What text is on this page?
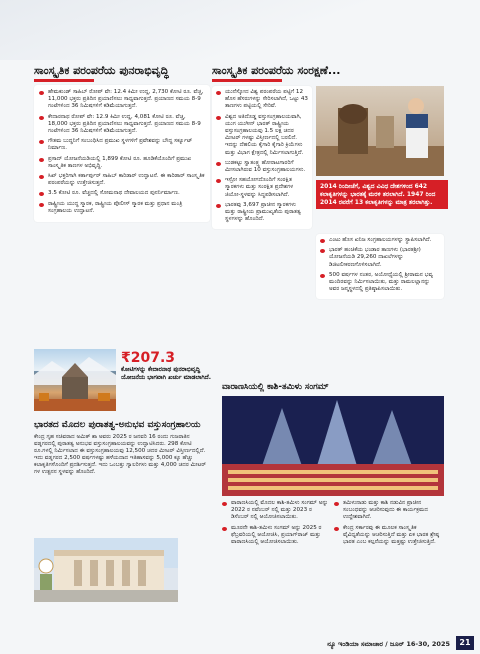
ಸಾಂಸ್ಕೃತಿಕ ಪರಂಪರೆಯ ಪುನರಾಭಿವೃದ್ಧಿ
ಹೇಮಕುಂಡ್ ಸಾಹಿಬ್ ರೋಪ್ ವೇ: 12.4 ಕಿಮೀ ಉದ್ದ, 2,730 ಕೋಟಿ ರೂ. ವೆಚ್ಚ, 11,000 ಭಕ್ತರು ಪ್ರತಿದಿನ ಪ್ರಯಾಣಿಸಲು ಸಾಧ್ಯವಾಗುತ್ತದೆ. ಪ್ರಯಾಣದ ಸಮಯ 8-9 ಗಂಟೆಗಳಿಂದ 36 ನಿಮಿಷಗಳಿಗೆ ಕಡಿಮೆಯಾಗುತ್ತದೆ.
ಕೇದಾರನಾಥ ರೋಪ್ ವೇ: 12.9 ಕಿಮೀ ಉದ್ದ, 4,081 ಕೋಟಿ ರೂ. ವೆಚ್ಚ, 18,000 ಭಕ್ತರು ಪ್ರತಿದಿನ ಪ್ರಯಾಣಿಸಲು ಸಾಧ್ಯವಾಗುತ್ತದೆ. ಪ್ರಯಾಣದ ಸಮಯ 8-9 ಗಂಟೆಗಳಿಂದ 36 ನಿಮಿಷಗಳಿಗೆ ಕಡಿಮೆಯಾಗುತ್ತದೆ.
ಗೌತಮ ಬುದ್ಧನಿಗೆ ಸಂಬಂಧಿಸಿದ ಪ್ರಮುಖ ಸ್ಥಳಗಳಿಗೆ ಪ್ರವೇಶವನ್ನು ಬೌದ್ಧ ಸರ್ಕ್ಯೂಟ್ ನಿರ್ಮಾಣ.
ಪ್ರಸಾದ್ ಯೋಜನೆಯಡಿಯಲ್ಲಿ 1,899 ಕೋಟಿ ರೂ. ಹೂಡಿಕೆಯೊಂದಿಗೆ ಪ್ರಮುಖ ಸಾಂಸ್ಕೃತಿಕ ತಾಣಗಳ ಅಭಿವೃದ್ಧಿ.
ಸಿಖ್ ಭಕ್ತರಿಗಾಗಿ ಕರ್ತಾರ್ಪುರ್ ಸಾಹಿಬ್ ಕಾರಿಡಾರ್ ಉದ್ಘಾಟನೆ. ಈ ಕಾರಿಡಾರ್ ಸಾಂಸ್ಕೃತಿಕ ಪರಂಪರೆಯನ್ನು ಉತ್ತೇಜಿಸುತ್ತದೆ.
3.5 ಕೋಟಿ ರೂ. ವೆಚ್ಚದಲ್ಲಿ ಸೋಮನಾಥ ದೇವಾಲಯದ ಪುನರ್ನಿರ್ಮಾಣ.
ರಾಷ್ಟ್ರೀಯ ಯುದ್ಧ ಸ್ಮಾರಕ, ರಾಷ್ಟ್ರೀಯ ಪೊಲೀಸ್ ಸ್ಮಾರಕ ಮತ್ತು ಪ್ರಧಾನ ಮಂತ್ರಿ ಸಂಗ್ರಹಾಲಯ ಉದ್ಘಾಟನೆ.
₹207.3
ಕೋಟಿಗಳನ್ನು ಕೇದಾರನಾಥ ಪುನರಾಭಿವೃದ್ಧಿ ಯೋಜನೆಯ ಭಾಗವಾಗಿ ಖರ್ಚು ಮಾಡಲಾಗಿದೆ.
ಭಾರತದ ಮೊದಲ ಪುರಾತತ್ವ-ಅನುಭವ ವಸ್ತುಸಂಗ್ರಹಾಲಯ
ಕೇಂದ್ರ ಗೃಹ ಸಚಿವರಾದ ಅಮಿತ್ ಶಾ ಅವರು 2025 ರ ಜನವರಿ 16 ರಂದು ಗುಜರಾತಿನ ವಡ್ನಗರದಲ್ಲಿ ಪುರಾತತ್ವ ಅನುಭವ ವಸ್ತುಸಂಗ್ರಹಾಲಯವನ್ನು ಉದ್ಘಾಟಿಸಿದರು. 298 ಕೋಟಿ ರೂ.ಗಳಲ್ಲಿ ನಿರ್ಮಿಸಲಾದ ಈ ವಸ್ತುಸಂಗ್ರಹಾಲಯವು 12,500 ಚದರ ಮೀಟರ್ ವಿಸ್ತೀರ್ಣದಲ್ಲಿದೆ. ಇದು ವಡ್ನಗರದ 2,500 ವರ್ಷಗಳಷ್ಟು ಹಳೆಯದಾದ ಇತಿಹಾಸವನ್ನು 5,000 ಕ್ಕೂ ಹೆಚ್ಚು ಕಲಾಕೃತಿಗಳೊಂದಿಗೆ ಪ್ರದರ್ಶಿಸುತ್ತದೆ. ಇದು ಒಂಬತ್ತು ಗ್ಯಾಲರಿಗಳು ಮತ್ತು 4,000 ಚದರ ಮೀಟರ್ ಗಳ ಉತ್ಖನನ ಸ್ಥಳವನ್ನು ಹೊಂದಿದೆ.
ಸಾಂಸ್ಕೃತಿಕ ಪರಂಪರೆಯ ಸಂರಕ್ಷಣೆ...
ಯುನೆಸ್ಕೋದ ವಿಶ್ವ ಪರಂಪರೆಯ ಪಟ್ಟಿಗೆ 12 ಹೊಸ ಹೆಸರುಗಳನ್ನು ಸೇರಿಸಲಾಗಿದೆ, ಒಟ್ಟು 43 ತಾಣಗಳು ಪಟ್ಟಿಯಲ್ಲಿ ಸೇರಿವೆ.
ವಿಶ್ವದ ಅತಿದೊಡ್ಡ ವಸ್ತುಸಂಗ್ರಹಾಲಯವಾಗಿ, ಯುಗ ಯುಗೀನ್ ಭಾರತ್ ರಾಷ್ಟ್ರೀಯ ವಸ್ತುಸಂಗ್ರಹಾಲಯವು 1.5 ಲಕ್ಷ ಚದರ ಮೀಟರ್ ಗಳಷ್ಟು ವಿಸ್ತೀರ್ಣದಲ್ಲಿ ಬರಲಿದೆ. ಇದನ್ನು ದೆಹಲಿಯ ಕೈಗಾರಿ ಕೈಗಾರಿ ಕ್ರಿಯೆಗಳು ಮತ್ತು ವಿಭಾಗ ಕ್ಷೇತ್ರದಲ್ಲಿ ನಿರ್ಮಿಸಲಾಗುತ್ತಿದೆ.
ಬುಡಕಟ್ಟು ಸ್ವಾತಂತ್ರ್ಯ ಹೋರಾಟಗಾರರಿಗೆ ಮೀಸಲಾಗಿರುವ 10 ವಸ್ತುಸಂಗ್ರಹಾಲಯಗಳು.
ಇಸ್ರೋ ಸಹಯೋಗದೊಂದಿಗೆ ಸಂರಕ್ಷಿತ ಸ್ಮಾರಕಗಳು ಮತ್ತು ಸಂರಕ್ಷಿತ ಪ್ರದೇಶಗಳ ಜಿಯೋ-ಸ್ಥಳವನ್ನು ಸಿದ್ಧಪಡಿಸಲಾಗಿದೆ.
ಭಾರತವು 3,697 ಪ್ರಾಚೀನ ಸ್ಮಾರಕಗಳು ಮತ್ತು ರಾಷ್ಟ್ರೀಯ ಪ್ರಾಮುಖ್ಯತೆಯ ಪುರಾತತ್ವ ಸ್ಥಳಗಳನ್ನು ಹೊಂದಿದೆ.
2014 ರಿಂದೀಚೆಗೆ, ವಿಶ್ವದ ವಿವಿಧ ದೇಶಗಳಿಂದ 642 ಕಲಾಕೃತಿಗಳನ್ನು ಭಾರತಕ್ಕೆ ಮರಳಿ ತರಲಾಗಿದೆ. 1947 ರಿಂದ 2014 ರವರೆಗೆ 13 ಕಲಾಕೃತಿಗಳನ್ನು ಮಾತ್ರ ತರಲಾಗಿತ್ತು.
ಎಂಟು ಹೊಸ ಖನಿಜ ಸಂಗ್ರಹಾಲಯಗಳನ್ನು ಸ್ಥಾಪಿಸಲಾಗಿದೆ.
ಭಾರತ್ ಹಂಚಿಕೆಯ ಭಂಡಾರ ತಾಣಗಳು (ಭಾರತಶ್ರೀ) ಯೋಜನೆಯಡಿ 29,260 ದಾಖಲೆಗಳನ್ನು ಡಿಜಿಟಲೀಕರಣಗೊಳಿಸಲಾಗಿದೆ.
500 ವರ್ಷಗಳ ನಂತರ, ಅಯೋಧ್ಯೆಯಲ್ಲಿ ಶ್ರೀರಾಮನ ಭವ್ಯ ಮಂದಿರವನ್ನು ನಿರ್ಮಿಸಲಾಯಿತು, ಮತ್ತು ರಾಮಲಲ್ಲಾನನ್ನು ಅವರ ಜನ್ಮಸ್ಥಳದಲ್ಲಿ ಪ್ರತಿಷ್ಠಾಪಿಸಲಾಯಿತು.
ವಾರಾಣಸಿಯಲ್ಲಿ ಕಾಶಿ-ತಮಿಳು ಸಂಗಮ್
ವಾರಾಣಸಿಯಲ್ಲಿ ಮೊದಲ ಕಾಶಿ-ತಮಿಳು ಸಂಗಮ್ ಅನ್ನು 2022 ರ ನವೆಂಬರ್ ನಲ್ಲಿ ಮತ್ತು 2023 ರ ಡಿಸೆಂಬರ್ ನಲ್ಲಿ ಆಯೋಜಿಸಲಾಯಿತು.
ಮೂರನೇ ಕಾಶಿ-ತಮಿಳು ಸಂಗಮ್ ಅನ್ನು 2025 ರ ಫೆಬ್ರವರಿಯಲ್ಲಿ ಆಯೋಜಿಸಿ, ಪ್ರಯಾಗ್‌ರಾಜ್ ಮತ್ತು ವಾರಾಣಸಿಯಲ್ಲಿ ಆಯೋಜಿಸಲಾಯಿತು.
ತಮಿಳುನಾಡು ಮತ್ತು ಕಾಶಿ ನಡುವಿನ ಪ್ರಾಚೀನ ಸಂಬಂಧವನ್ನು ಆಚರಿಸುವುದು ಈ ಕಾರ್ಯಕ್ರಮದ ಉದ್ದೇಶವಾಗಿದೆ.
ಕೇಂದ್ರ ಸರ್ಕಾರವು ಈ ಮೂಲಕ ಸಾಂಸ್ಕೃತಿಕ ವೈವಿಧ್ಯತೆಯನ್ನು ಆಚರಿಸುತ್ತಿದೆ ಮತ್ತು ಏಕ ಭಾರತ ಶ್ರೇಷ್ಠ ಭಾರತ ಎಂಬ ಕಲ್ಪನೆಯನ್ನು ಮತ್ತಷ್ಟು ಉತ್ತೇಜಿಸುತ್ತಿದೆ.
ನ್ಯೂ ಇಂಡಿಯಾ ಸಮಾಚಾರ / ಜೂನ್ 16-30, 2025	21
